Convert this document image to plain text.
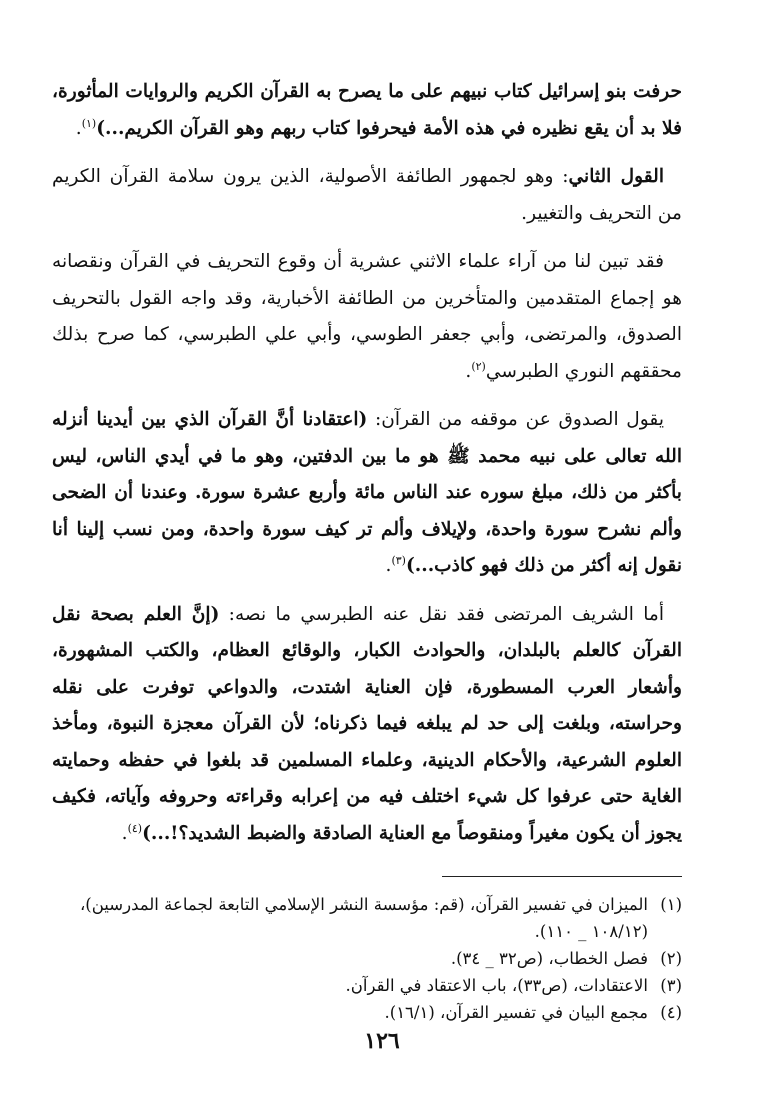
حرفت بنو إسرائيل كتاب نبيهم على ما يصرح به القرآن الكريم والروايات المأثورة، فلا بد أن يقع نظيره في هذه الأمة فيحرفوا كتاب ربهم وهو القرآن الكريم...)$^{(١)}$.

القول الثاني: وهو لجمهور الطائفة الأصولية، الذين يرون سلامة القرآن الكريم من التحريف والتغيير.

فقد تبين لنا من آراء علماء الاثني عشرية أن وقوع التحريف في القرآن ونقصانه هو إجماع المتقدمين والمتأخرين من الطائفة الأخبارية، وقد واجه القول بالتحريف الصدوق، والمرتضى، وأبي جعفر الطوسي، وأبي علي الطبرسي، كما صرح بذلك محققهم النوري الطبرسي$^{(٢)}$.

يقول الصدوق عن موقفه من القرآن: (اعتقادنا أنَّ القرآن الذي بين أيدينا أنزله الله تعالى على نبيه محمد ﷺ هو ما بين الدفتين، وهو ما في أيدي الناس، ليس بأكثر من ذلك، مبلغ سوره عند الناس مائة وأربع عشرة سورة. وعندنا أن الضحى وألم نشرح سورة واحدة، ولإيلاف وألم تر كيف سورة واحدة، ومن نسب إلينا أنا نقول إنه أكثر من ذلك فهو كاذب...)$^{(٣)}$.

أما الشريف المرتضى فقد نقل عنه الطبرسي ما نصه: (إنَّ العلم بصحة نقل القرآن كالعلم بالبلدان، والحوادث الكبار، والوقائع العظام، والكتب المشهورة، وأشعار العرب المسطورة، فإن العناية اشتدت، والدواعي توفرت على نقله وحراسته، وبلغت إلى حد لم يبلغه فيما ذكرناه؛ لأن القرآن معجزة النبوة، ومأخذ العلوم الشرعية، والأحكام الدينية، وعلماء المسلمين قد بلغوا في حفظه وحمايته الغاية حتى عرفوا كل شيء اختلف فيه من إعرابه وقراءته وحروفه وآياته، فكيف يجوز أن يكون مغيراً ومنقوصاً مع العناية الصادقة والضبط الشديد؟!...)$^{(٤)}$.

(١)
الميزان في تفسير القرآن، (قم: مؤسسة النشر الإسلامي التابعة لجماعة المدرسين)، (١٠٨/١٢ _ ١١٠).
(٢)
فصل الخطاب، (ص٣٢ _ ٣٤).
(٣)
الاعتقادات، (ص٣٣)، باب الاعتقاد في القرآن.
(٤)
مجمع البيان في تفسير القرآن، (١٦/١).
١٢٦
